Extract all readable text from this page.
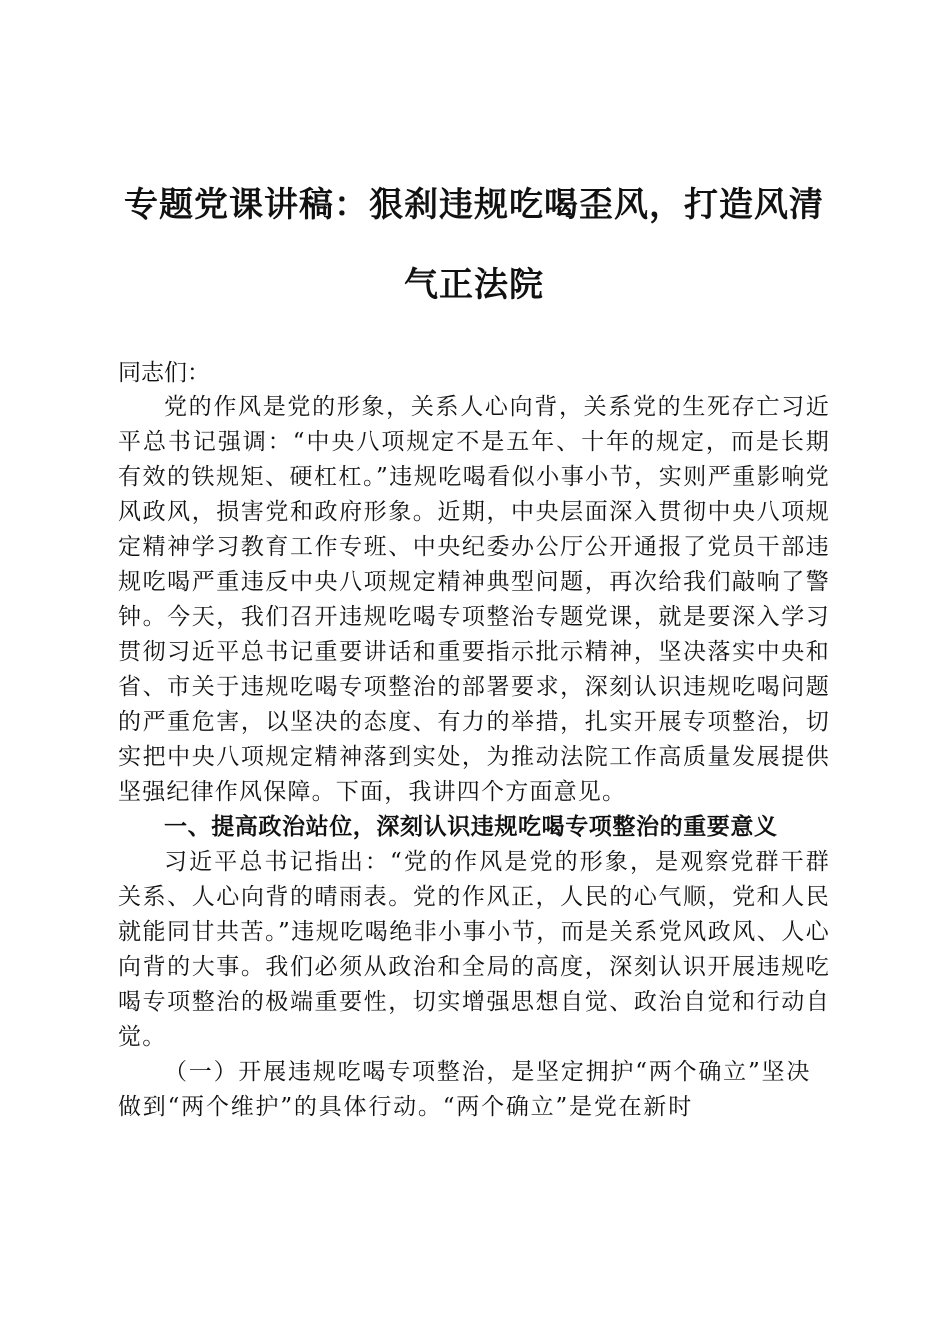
专题党课讲稿：狠刹违规吃喝歪风，打造风清
气正法院

同志们：

党的作风是党的形象，关系人心向背，关系党的生死存亡习近平总书记强调：“中央八项规定不是五年、十年的规定，而是长期有效的铁规矩、硬杠杠。”违规吃喝看似小事小节，实则严重影响党风政风，损害党和政府形象。近期，中央层面深入贯彻中央八项规定精神学习教育工作专班、中央纪委办公厅公开通报了党员干部违规吃喝严重违反中央八项规定精神典型问题，再次给我们敲响了警钟。今天，我们召开违规吃喝专项整治专题党课，就是要深入学习贯彻习近平总书记重要讲话和重要指示批示精神，坚决落实中央和省、市关于违规吃喝专项整治的部署要求，深刻认识违规吃喝问题的严重危害，以坚决的态度、有力的举措，扎实开展专项整治，切实把中央八项规定精神落到实处，为推动法院工作高质量发展提供坚强纪律作风保障。下面，我讲四个方面意见。

一、提高政治站位，深刻认识违规吃喝专项整治的重要意义

习近平总书记指出：“党的作风是党的形象，是观察党群干群关系、人心向背的晴雨表。党的作风正，人民的心气顺，党和人民就能同甘共苦。”违规吃喝绝非小事小节，而是关系党风政风、人心向背的大事。我们必须从政治和全局的高度，深刻认识开展违规吃喝专项整治的极端重要性，切实增强思想自觉、政治自觉和行动自觉。

（一）开展违规吃喝专项整治，是坚定拥护“两个确立”坚决做到“两个维护”的具体行动。“两个确立”是党在新时
